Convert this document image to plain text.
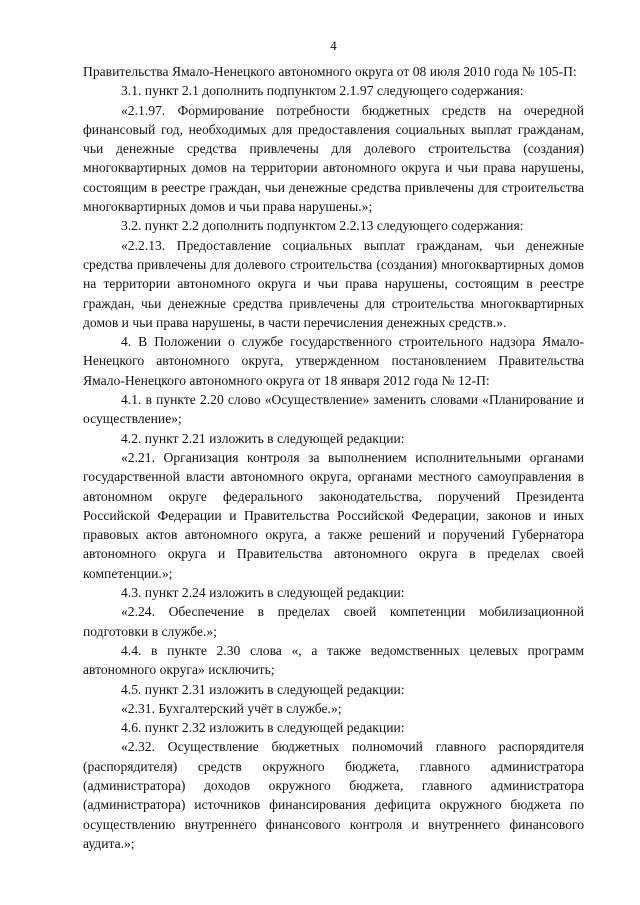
4

Правительства Ямало-Ненецкого автономного округа от 08 июля 2010 года № 105-П:

3.1. пункт 2.1 дополнить подпунктом 2.1.97 следующего содержания:

«2.1.97. Формирование потребности бюджетных средств на очередной финансовый год, необходимых для предоставления социальных выплат гражданам, чьи денежные средства привлечены для долевого строительства (создания) многоквартирных домов на территории автономного округа и чьи права нарушены, состоящим в реестре граждан, чьи денежные средства привлечены для строительства многоквартирных домов и чьи права нарушены.»;

3.2. пункт 2.2 дополнить подпунктом 2.2.13 следующего содержания:

«2.2.13. Предоставление социальных выплат гражданам, чьи денежные средства привлечены для долевого строительства (создания) многоквартирных домов на территории автономного округа и чьи права нарушены, состоящим в реестре граждан, чьи денежные средства привлечены для строительства многоквартирных домов и чьи права нарушены, в части перечисления денежных средств.».

4. В Положении о службе государственного строительного надзора Ямало-Ненецкого автономного округа, утвержденном постановлением Правительства Ямало-Ненецкого автономного округа от 18 января 2012 года № 12-П:

4.1. в пункте 2.20 слово «Осуществление» заменить словами «Планирование и осуществление»;

4.2. пункт 2.21 изложить в следующей редакции:

«2.21. Организация контроля за выполнением исполнительными органами государственной власти автономного округа, органами местного самоуправления в автономном округе федерального законодательства, поручений Президента Российской Федерации и Правительства Российской Федерации, законов и иных правовых актов автономного округа, а также решений и поручений Губернатора автономного округа и Правительства автономного округа в пределах своей компетенции.»;

4.3. пункт 2.24 изложить в следующей редакции:

«2.24. Обеспечение в пределах своей компетенции мобилизационной подготовки в службе.»;

4.4. в пункте 2.30 слова «, а также ведомственных целевых программ автономного округа» исключить;

4.5. пункт 2.31 изложить в следующей редакции:

«2.31. Бухгалтерский учёт в службе.»;

4.6. пункт 2.32 изложить в следующей редакции:

«2.32. Осуществление бюджетных полномочий главного распорядителя (распорядителя) средств окружного бюджета, главного администратора (администратора) доходов окружного бюджета, главного администратора (администратора) источников финансирования дефицита окружного бюджета по осуществлению внутреннего финансового контроля и внутреннего финансового аудита.»;
